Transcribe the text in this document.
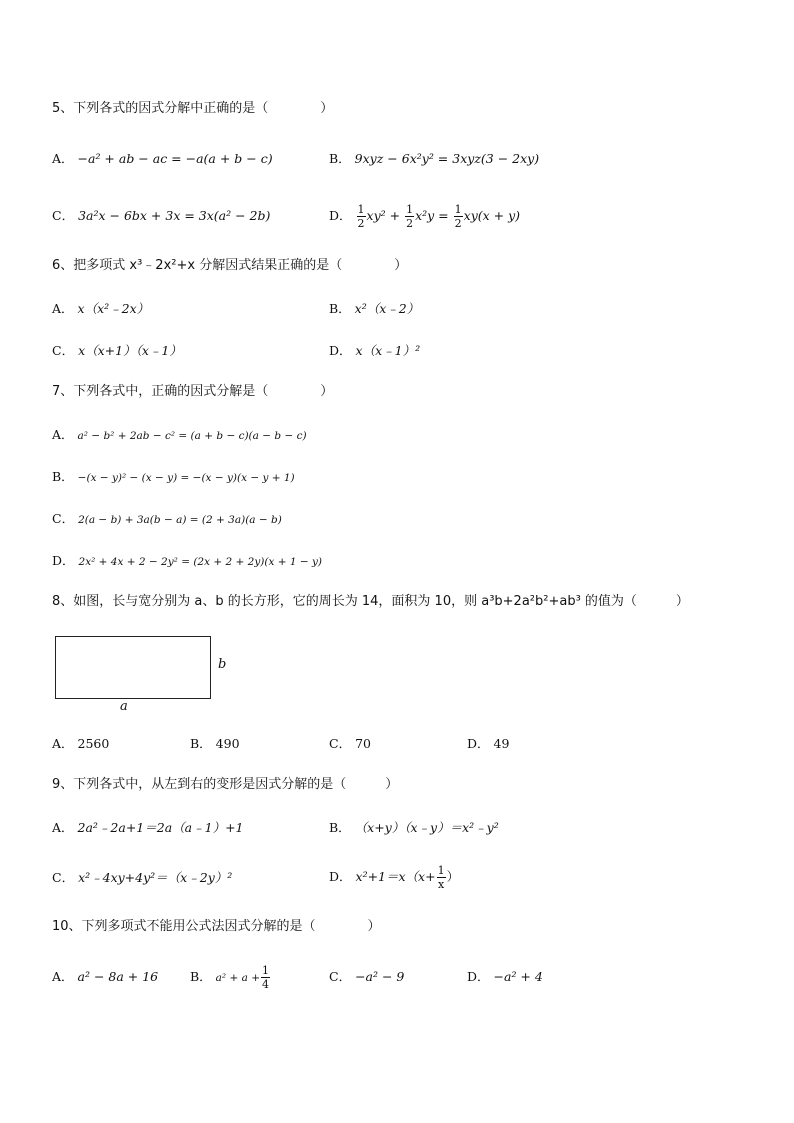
5、下列各式的因式分解中正确的是（　　　　）
A． −a² + ab − ac = −a(a + b − c)	B． 9xyz − 6x²y² = 3xyz(3 − 2xy)
C． 3a²x − 6bx + 3x = 3x(a² − 2b)	D． $\frac{1}{2} xy^2 + \frac{1}{2} x^2y = \frac{1}{2} xy(x + y)$
6、把多项式 x³﹣2x²+x 分解因式结果正确的是（　　　　）
A． x（x²﹣2x）	B． x²（x﹣2）
C． x（x+1）（x﹣1）	D． x（x﹣1）²
7、下列各式中，正确的因式分解是（　　　　）
A． a² − b² + 2ab − c² = (a + b − c)(a − b − c)
B． −(x − y)² − (x − y) = −(x − y)(x − y + 1)
C． 2(a − b) + 3a(b − a) = (2 + 3a)(a − b)
D． 2x² + 4x + 2 − 2y² = (2x + 2 + 2y)(x + 1 − y)
8、如图，长与宽分别为 a、b 的长方形，它的周长为 14，面积为 10，则 a³b+2a²b²+ab³ 的值为（　　　）
b
a
A． 2560	B． 490	C． 70	D． 49
9、下列各式中，从左到右的变形是因式分解的是（　　　）
A． 2a²﹣2a+1＝2a（a﹣1）+1	B． （x+y）（x﹣y）＝x²﹣y²
C． x²﹣4xy+4y²＝（x﹣2y）²	D． $x^2+1=x(x+ \frac{1}{x}$ ）
10、下列多项式不能用公式法因式分解的是（　　　　）
A． a² − 8a + 16	B． $a^2 + a + \frac{1}{4}$	C． −a² − 9	D． −a² + 4
